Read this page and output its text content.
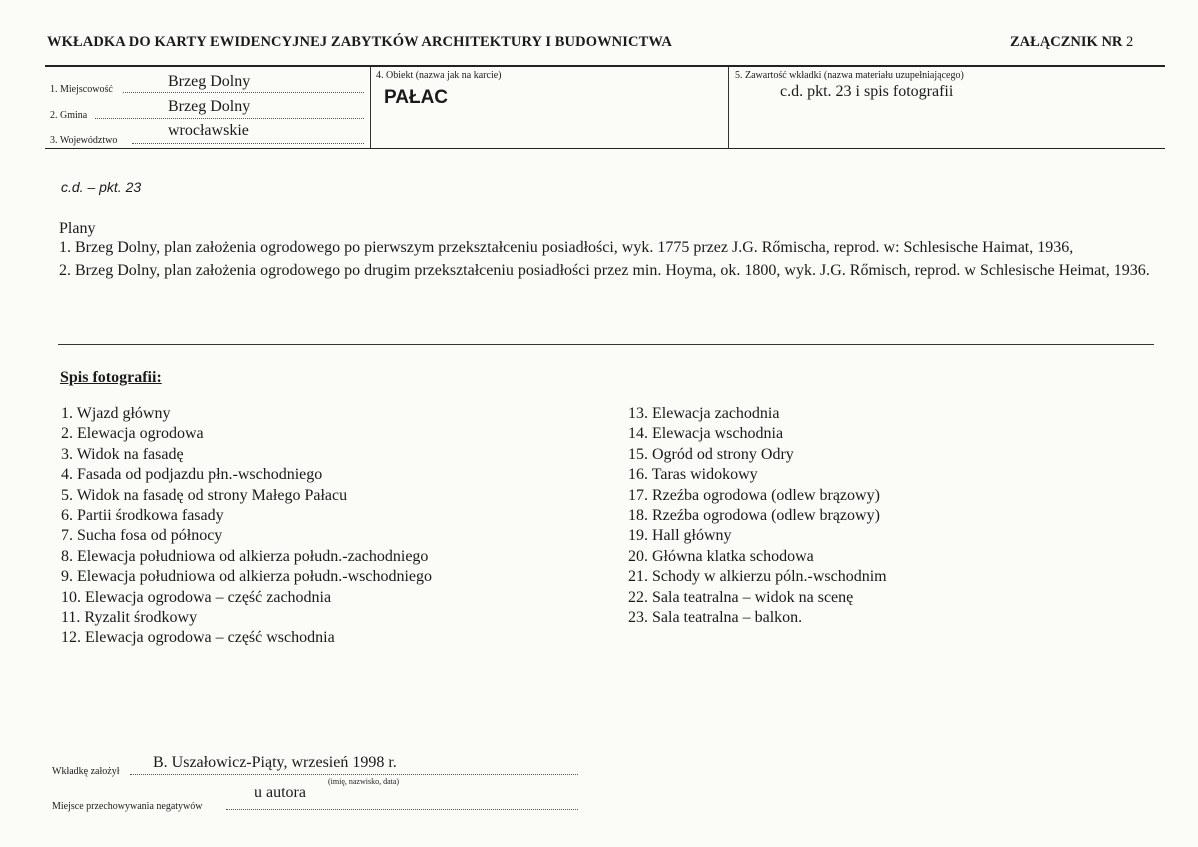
WKŁADKA DO KARTY EWIDENCYJNEJ ZABYTKÓW ARCHITEKTURY I BUDOWNICTWA	ZAŁĄCZNIK NR 2
1. Miejscowość	Brzeg Dolny
2. Gmina
Brzeg Dolny
3. Województwo
wrocławskie
4. Obiekt (nazwa jak na karcie)
PAŁAC
5. Zawartość wkładki (nazwa materiału uzupełniającego)
c.d. pkt. 23 i spis fotografii
c.d. – pkt. 23
Plany
1. Brzeg Dolny, plan założenia ogrodowego po pierwszym przekształceniu posiadłości, wyk. 1775 przez J.G. Rőmischa, reprod. w: Schlesische Haimat, 1936,
2. Brzeg Dolny, plan założenia ogrodowego po drugim przekształceniu posiadłości przez min. Hoyma, ok. 1800, wyk. J.G. Rőmisch, reprod. w Schlesische Heimat, 1936.
Spis fotografii:
1. Wjazd główny
2. Elewacja ogrodowa
3. Widok na fasadę
4. Fasada od podjazdu płn.-wschodniego
5. Widok na fasadę od strony Małego Pałacu
6. Partii środkowa fasady
7. Sucha fosa od północy
8. Elewacja południowa od alkierza połudn.-zachodniego
9. Elewacja południowa od alkierza połudn.-wschodniego
10. Elewacja ogrodowa – część zachodnia
11. Ryzalit środkowy
12. Elewacja ogrodowa – część wschodnia
13. Elewacja zachodnia
14. Elewacja wschodnia
15. Ogród od strony Odry
16. Taras widokowy
17. Rzeźba ogrodowa (odlew brązowy)
18. Rzeźba ogrodowa (odlew brązowy)
19. Hall główny
20. Główna klatka schodowa
21. Schody w alkierzu póln.-wschodnim
22. Sala teatralna – widok na scenę
23. Sala teatralna – balkon.
Wkładkę założył
B. Uszałowicz-Piąty, wrzesień 1998 r.
(imię, nazwisko, data)
Miejsce przechowywania negatywów
u autora
